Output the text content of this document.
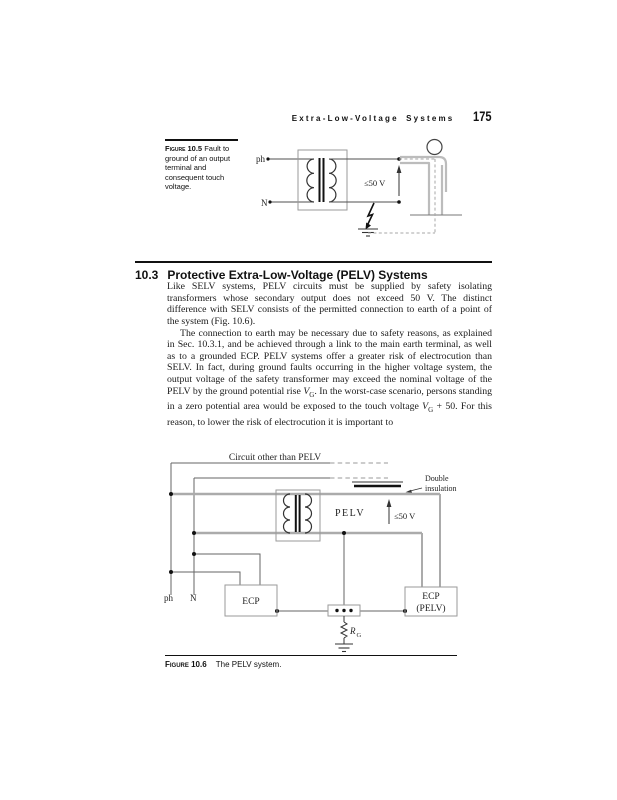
Extra-Low-Voltage Systems 175
Figure 10.5 Fault to ground of an output terminal and consequent touch voltage.
ph
N
≤50 V
10.3 Protective Extra-Low-Voltage (PELV) Systems

Like SELV systems, PELV circuits must be supplied by safety isolating transformers whose secondary output does not exceed 50 V. The distinct difference with SELV consists of the permitted connection to earth of a point of the system (Fig. 10.6).

The connection to earth may be necessary due to safety reasons, as explained in Sec. 10.3.1, and be achieved through a link to the main earth terminal, as well as to a grounded ECP. PELV systems offer a greater risk of electrocution than SELV. In fact, during ground faults occurring in the higher voltage system, the output voltage of the safety transformer may exceed the nominal voltage of the PELV by the ground potential rise $V_G$. In the worst-case scenario, persons standing in a zero potential area would be exposed to the touch voltage $V_G + 50$. For this reason, to lower the risk of electrocution it is important to

Circuit other than PELV
PELV
Double
insulation
≤50 V
ph N	ECP
R G
ECP
(PELV)
Figure 10.6 The PELV system.
